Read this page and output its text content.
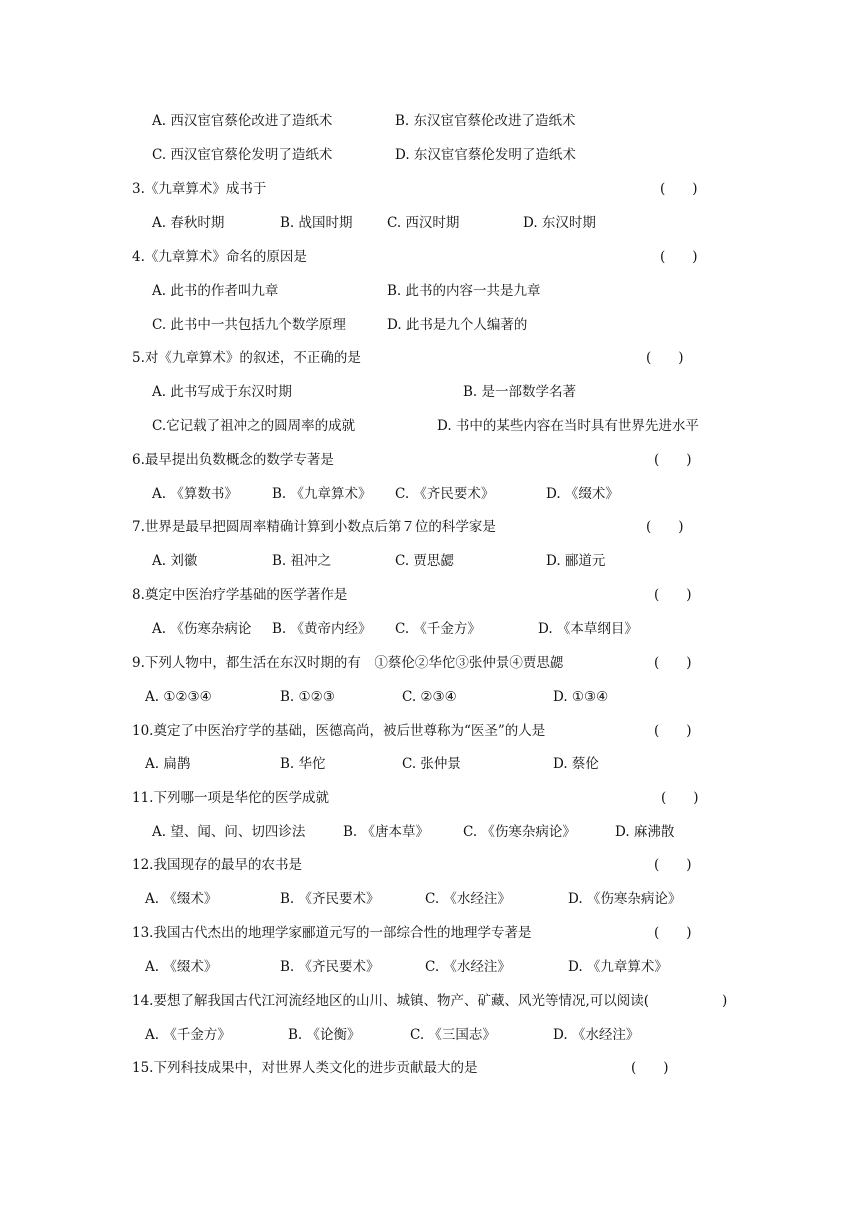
A. 西汉宦官蔡伦改进了造纸术	B. 东汉宦官蔡伦改进了造纸术
C. 西汉宦官蔡伦发明了造纸术	D. 东汉宦官蔡伦发明了造纸术
3.《九章算术》成书于	(　　)
A. 春秋时期	B. 战国时期	C. 西汉时期	D. 东汉时期
4.《九章算术》命名的原因是	(　　)
A. 此书的作者叫九章	B. 此书的内容一共是九章
C. 此书中一共包括九个数学原理	D. 此书是九个人编著的
5.对《九章算术》的叙述，不正确的是	(　　)
A. 此书写成于东汉时期	B. 是一部数学名著
C.它记载了祖冲之的圆周率的成就	D. 书中的某些内容在当时具有世界先进水平
6.最早提出负数概念的数学专著是	(　　)
A. 《算数书》	B. 《九章算术》 C. 《齐民要术》	D. 《缀术》
7.世界是最早把圆周率精确计算到小数点后第７位的科学家是	(　　)
A. 刘徽	B. 祖冲之	C. 贾思勰	D. 郦道元
8.奠定中医治疗学基础的医学著作是	(　　)
A. 《伤寒杂病论 B. 《黄帝内经》 C. 《千金方》	D. 《本草纲目》
9.下列人物中，都生活在东汉时期的有　①蔡伦②华佗③张仲景④贾思勰	(　　)
A. ①②③④	B. ①②③	C. ②③④	D. ①③④
10.奠定了中医治疗学的基础，医德高尚，被后世尊称为“医圣”的人是	(　　)
A. 扁鹊	B. 华佗	C. 张仲景	D. 蔡伦
11.下列哪一项是华佗的医学成就	(　　)
A. 望、闻、问、切四诊法	B. 《唐本草》	C. 《伤寒杂病论》	D. 麻沸散
12.我国现存的最早的农书是	(　　)
A. 《缀术》	B. 《齐民要术》	C. 《水经注》	D. 《伤寒杂病论》
13.我国古代杰出的地理学家郦道元写的一部综合性的地理学专著是	(　　)
A. 《缀术》	B. 《齐民要术》	C. 《水经注》	D. 《九章算术》
14.要想了解我国古代江河流经地区的山川、城镇、物产、矿藏、风光等情况,可以阅读(	)
A. 《千金方》	B. 《论衡》	C. 《三国志》	D. 《水经注》
15.下列科技成果中，对世界人类文化的进步贡献最大的是	(　　)
